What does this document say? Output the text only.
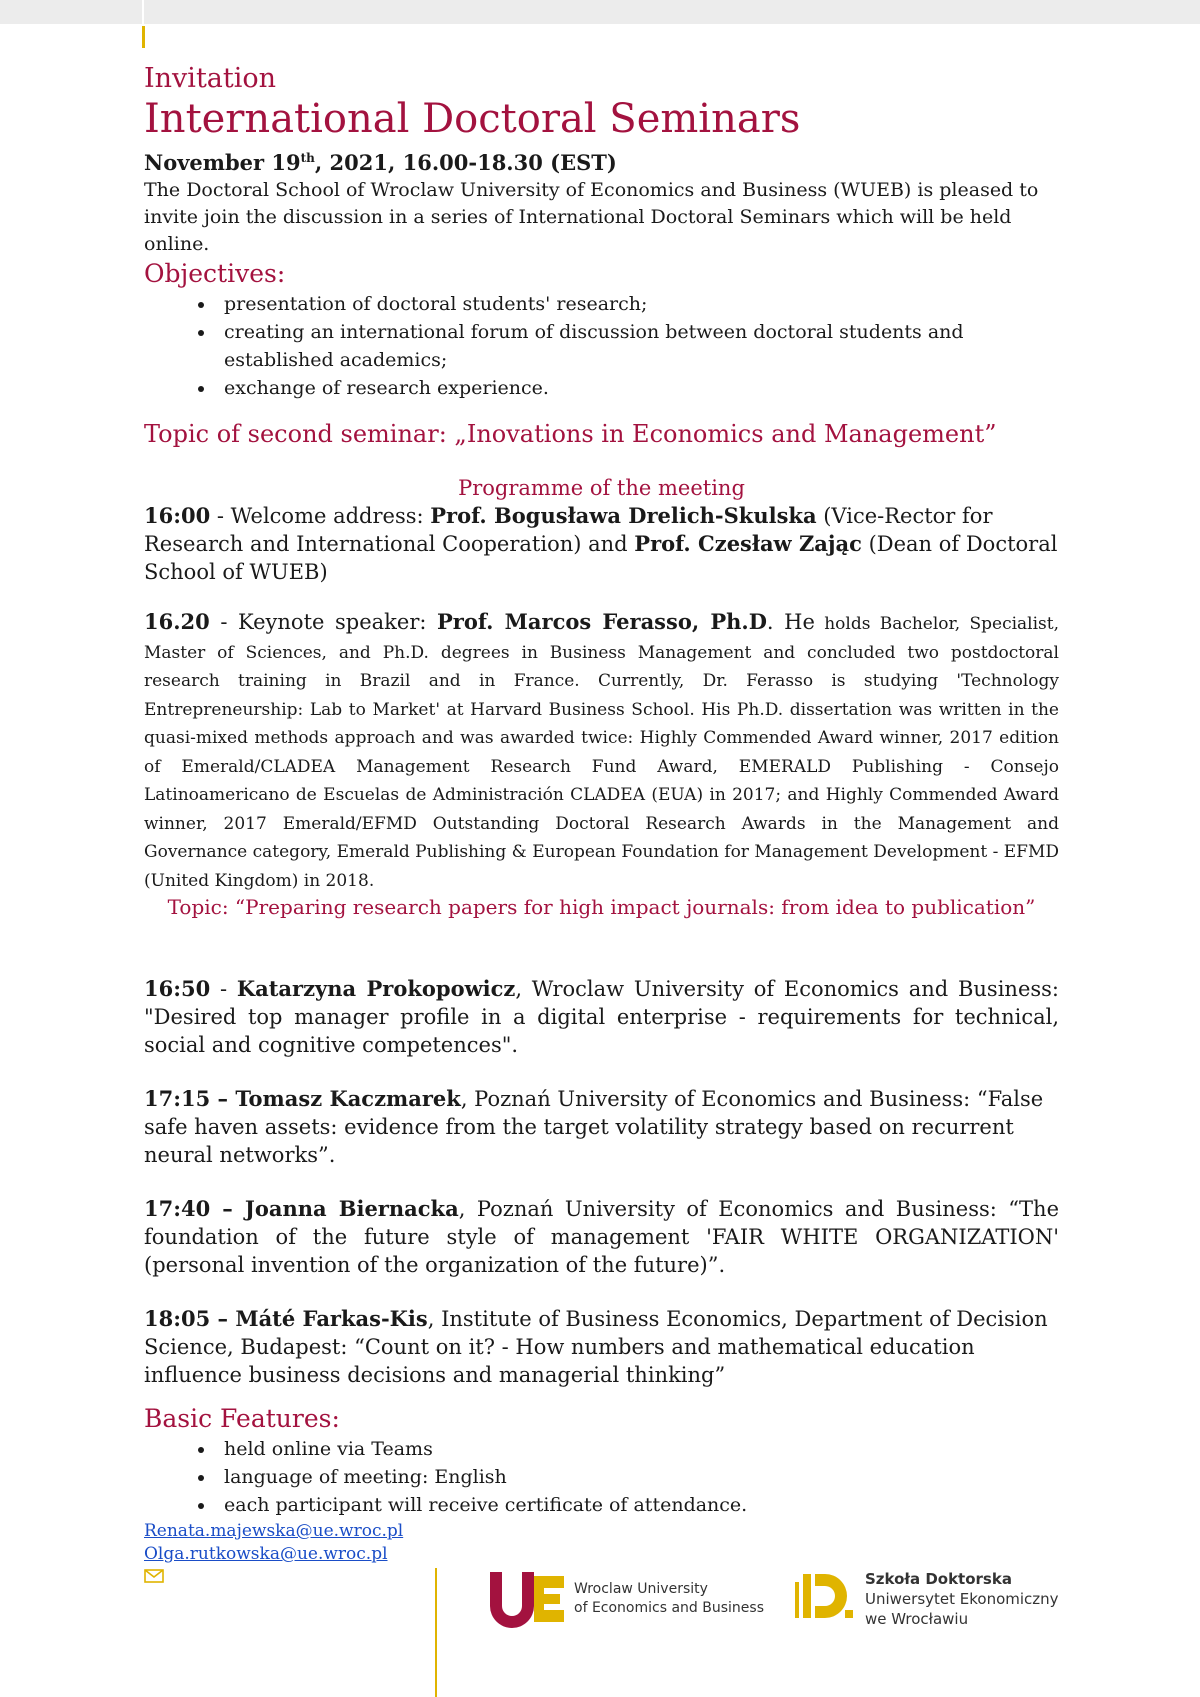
Invitation
International Doctoral Seminars
November 19th, 2021, 16.00-18.30 (EST)

The Doctoral School of Wroclaw University of Economics and Business (WUEB) is pleased to invite join the discussion in a series of International Doctoral Seminars which will be held online.

Objectives:
• presentation of doctoral students' research;
• creating an international forum of discussion between doctoral students and established academics;
• exchange of research experience.
Topic of second seminar: „Inovations in Economics and Management”
Programme of the meeting

16:00 - Welcome address: Prof. Bogusława Drelich-Skulska (Vice-Rector for Research and International Cooperation) and Prof. Czesław Zając (Dean of Doctoral School of WUEB)

16.20 - Keynote speaker: Prof. Marcos Ferasso, Ph.D. He holds Bachelor, Specialist, Master of Sciences, and Ph.D. degrees in Business Management and concluded two postdoctoral research training in Brazil and in France. Currently, Dr. Ferasso is studying 'Technology Entrepreneurship: Lab to Market' at Harvard Business School. His Ph.D. dissertation was written in the quasi-mixed methods approach and was awarded twice: Highly Commended Award winner, 2017 edition of Emerald/CLADEA Management Research Fund Award, EMERALD Publishing - Consejo Latinoamericano de Escuelas de Administración CLADEA (EUA) in 2017; and Highly Commended Award winner, 2017 Emerald/EFMD Outstanding Doctoral Research Awards in the Management and Governance category, Emerald Publishing & European Foundation for Management Development - EFMD (United Kingdom) in 2018.

Topic: “Preparing research papers for high impact journals: from idea to publication”

16:50 - Katarzyna Prokopowicz, Wroclaw University of Economics and Business: "Desired top manager profile in a digital enterprise - requirements for technical, social and cognitive competences".

17:15 – Tomasz Kaczmarek, Poznań University of Economics and Business: “False safe haven assets: evidence from the target volatility strategy based on recurrent neural networks”.

17:40 – Joanna Biernacka, Poznań University of Economics and Business: “The foundation of the future style of management 'FAIR WHITE ORGANIZATION' (personal invention of the organization of the future)”.

18:05 – Máté Farkas-Kis, Institute of Business Economics, Department of Decision Science, Budapest: “Count on it? - How numbers and mathematical education influence business decisions and managerial thinking”

Basic Features:
• held online via Teams
• language of meeting: English
• each participant will receive certificate of attendance.
Renata.majewska@ue.wroc.pl
Olga.rutkowska@ue.wroc.pl
Wroclaw University
of Economics and Business
Szkoła Doktorska
Uniwersytet Ekonomiczny
we Wrocławiu
